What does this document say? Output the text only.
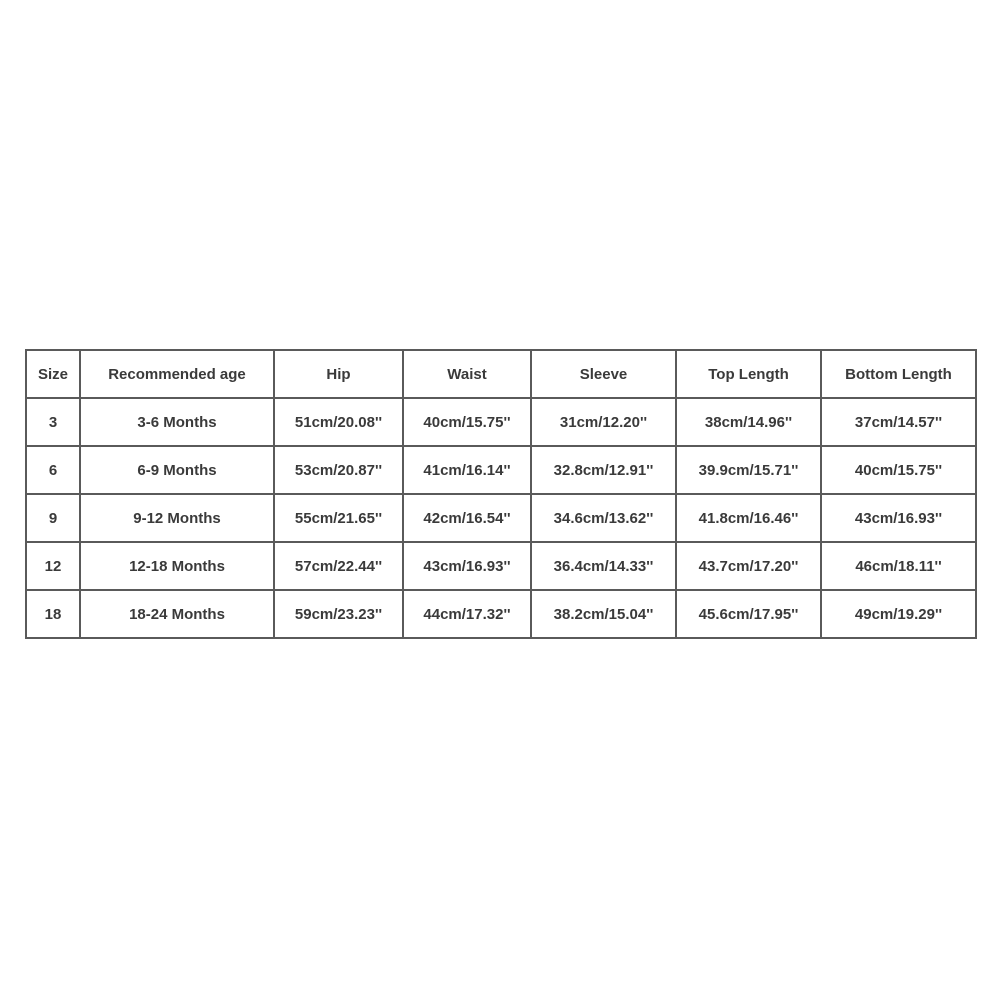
Size	Recommended age	Hip	Waist	Sleeve	Top Length	Bottom Length
3	3-6 Months	51cm/20.08''	40cm/15.75''	31cm/12.20''	38cm/14.96''	37cm/14.57''
6	6-9 Months	53cm/20.87''	41cm/16.14''	32.8cm/12.91''	39.9cm/15.71''	40cm/15.75''
9	9-12 Months	55cm/21.65''	42cm/16.54''	34.6cm/13.62''	41.8cm/16.46''	43cm/16.93''
12	12-18 Months	57cm/22.44''	43cm/16.93''	36.4cm/14.33''	43.7cm/17.20''	46cm/18.11''
18	18-24 Months	59cm/23.23''	44cm/17.32''	38.2cm/15.04''	45.6cm/17.95''	49cm/19.29''
